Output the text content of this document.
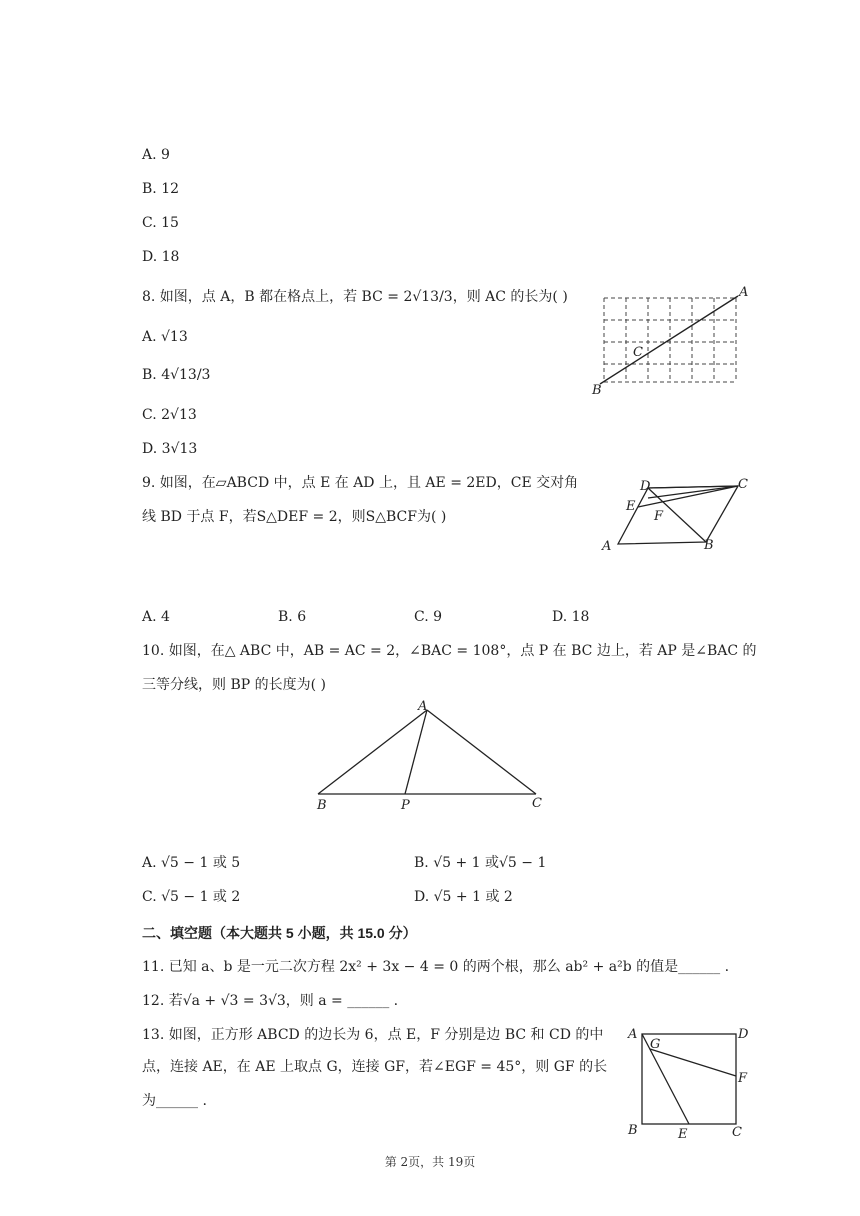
A. 9
B. 12
C. 15
D. 18
8. 如图，点 A，B 都在格点上，若 BC = 2√13/3，则 AC 的长为( )
A. √13
B. 4√13/3
C. 2√13
D. 3√13
A
B
C
9. 如图，在▱ABCD 中，点 E 在 AD 上，且 AE = 2ED，CE 交对角
线 BD 于点 F，若S△DEF = 2，则S△BCF为( )
A	B
C
D
E
F
A. 4	B. 6	C. 9	D. 18
10. 如图，在△ ABC 中，AB = AC = 2，∠BAC = 108°，点 P 在 BC 边上，若 AP 是∠BAC 的
三等分线，则 BP 的长度为( )
A
B	P	C
A. √5 − 1 或 5	B. √5 + 1 或√5 − 1
C. √5 − 1 或 2	D. √5 + 1 或 2
二、填空题（本大题共 5 小题，共 15.0 分）
11. 已知 a、b 是一元二次方程 2x² + 3x − 4 = 0 的两个根，那么 ab² + a²b 的值是______ .
12. 若√a + √3 = 3√3，则 a = ______ .
13. 如图，正方形 ABCD 的边长为 6，点 E，F 分别是边 BC 和 CD 的中
点，连接 AE，在 AE 上取点 G，连接 GF，若∠EGF = 45°，则 GF 的长
为______ .
A	D
B	C
E
F
G
第 2页，共 19页
